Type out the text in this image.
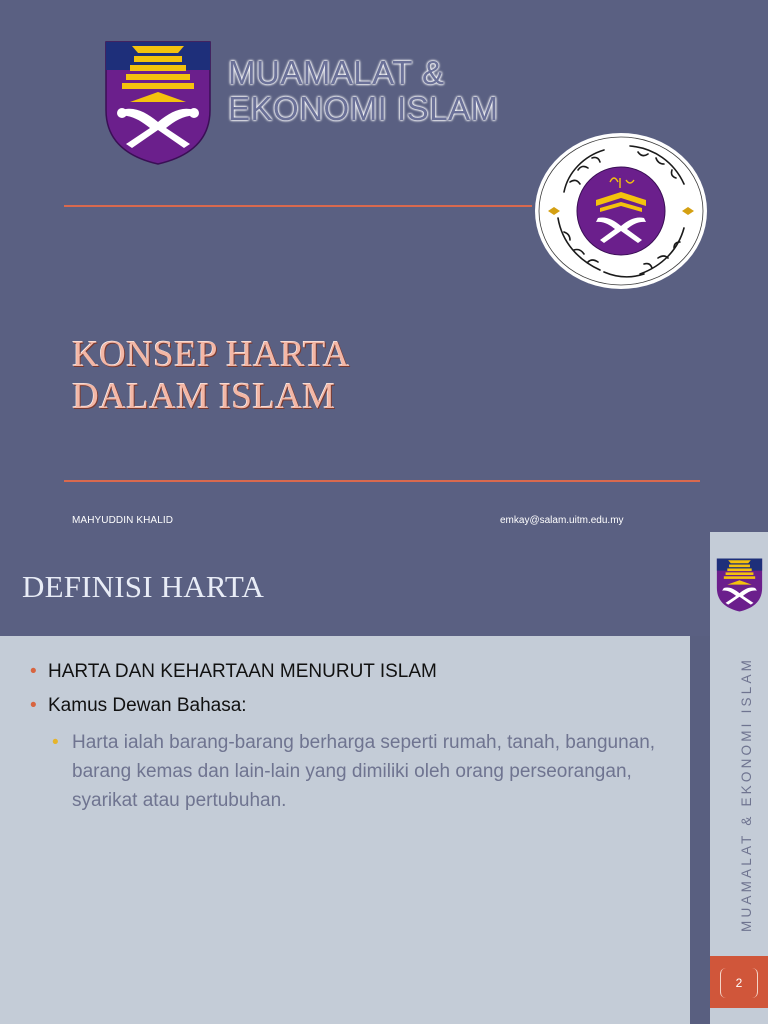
MUAMALAT &
EKONOMI ISLAM
KONSEP HARTA
DALAM ISLAM
MAHYUDDIN KHALID	emkay@salam.uitm.edu.my
DEFINISI HARTA
• HARTA DAN KEHARTAAN MENURUT ISLAM
• Kamus Dewan Bahasa:
• Harta ialah barang-barang berharga seperti rumah, tanah, bangunan, barang kemas dan lain-lain yang dimiliki oleh orang perseorangan, syarikat atau pertubuhan.	MUAMALAT & EKONOMI ISLAM
2
